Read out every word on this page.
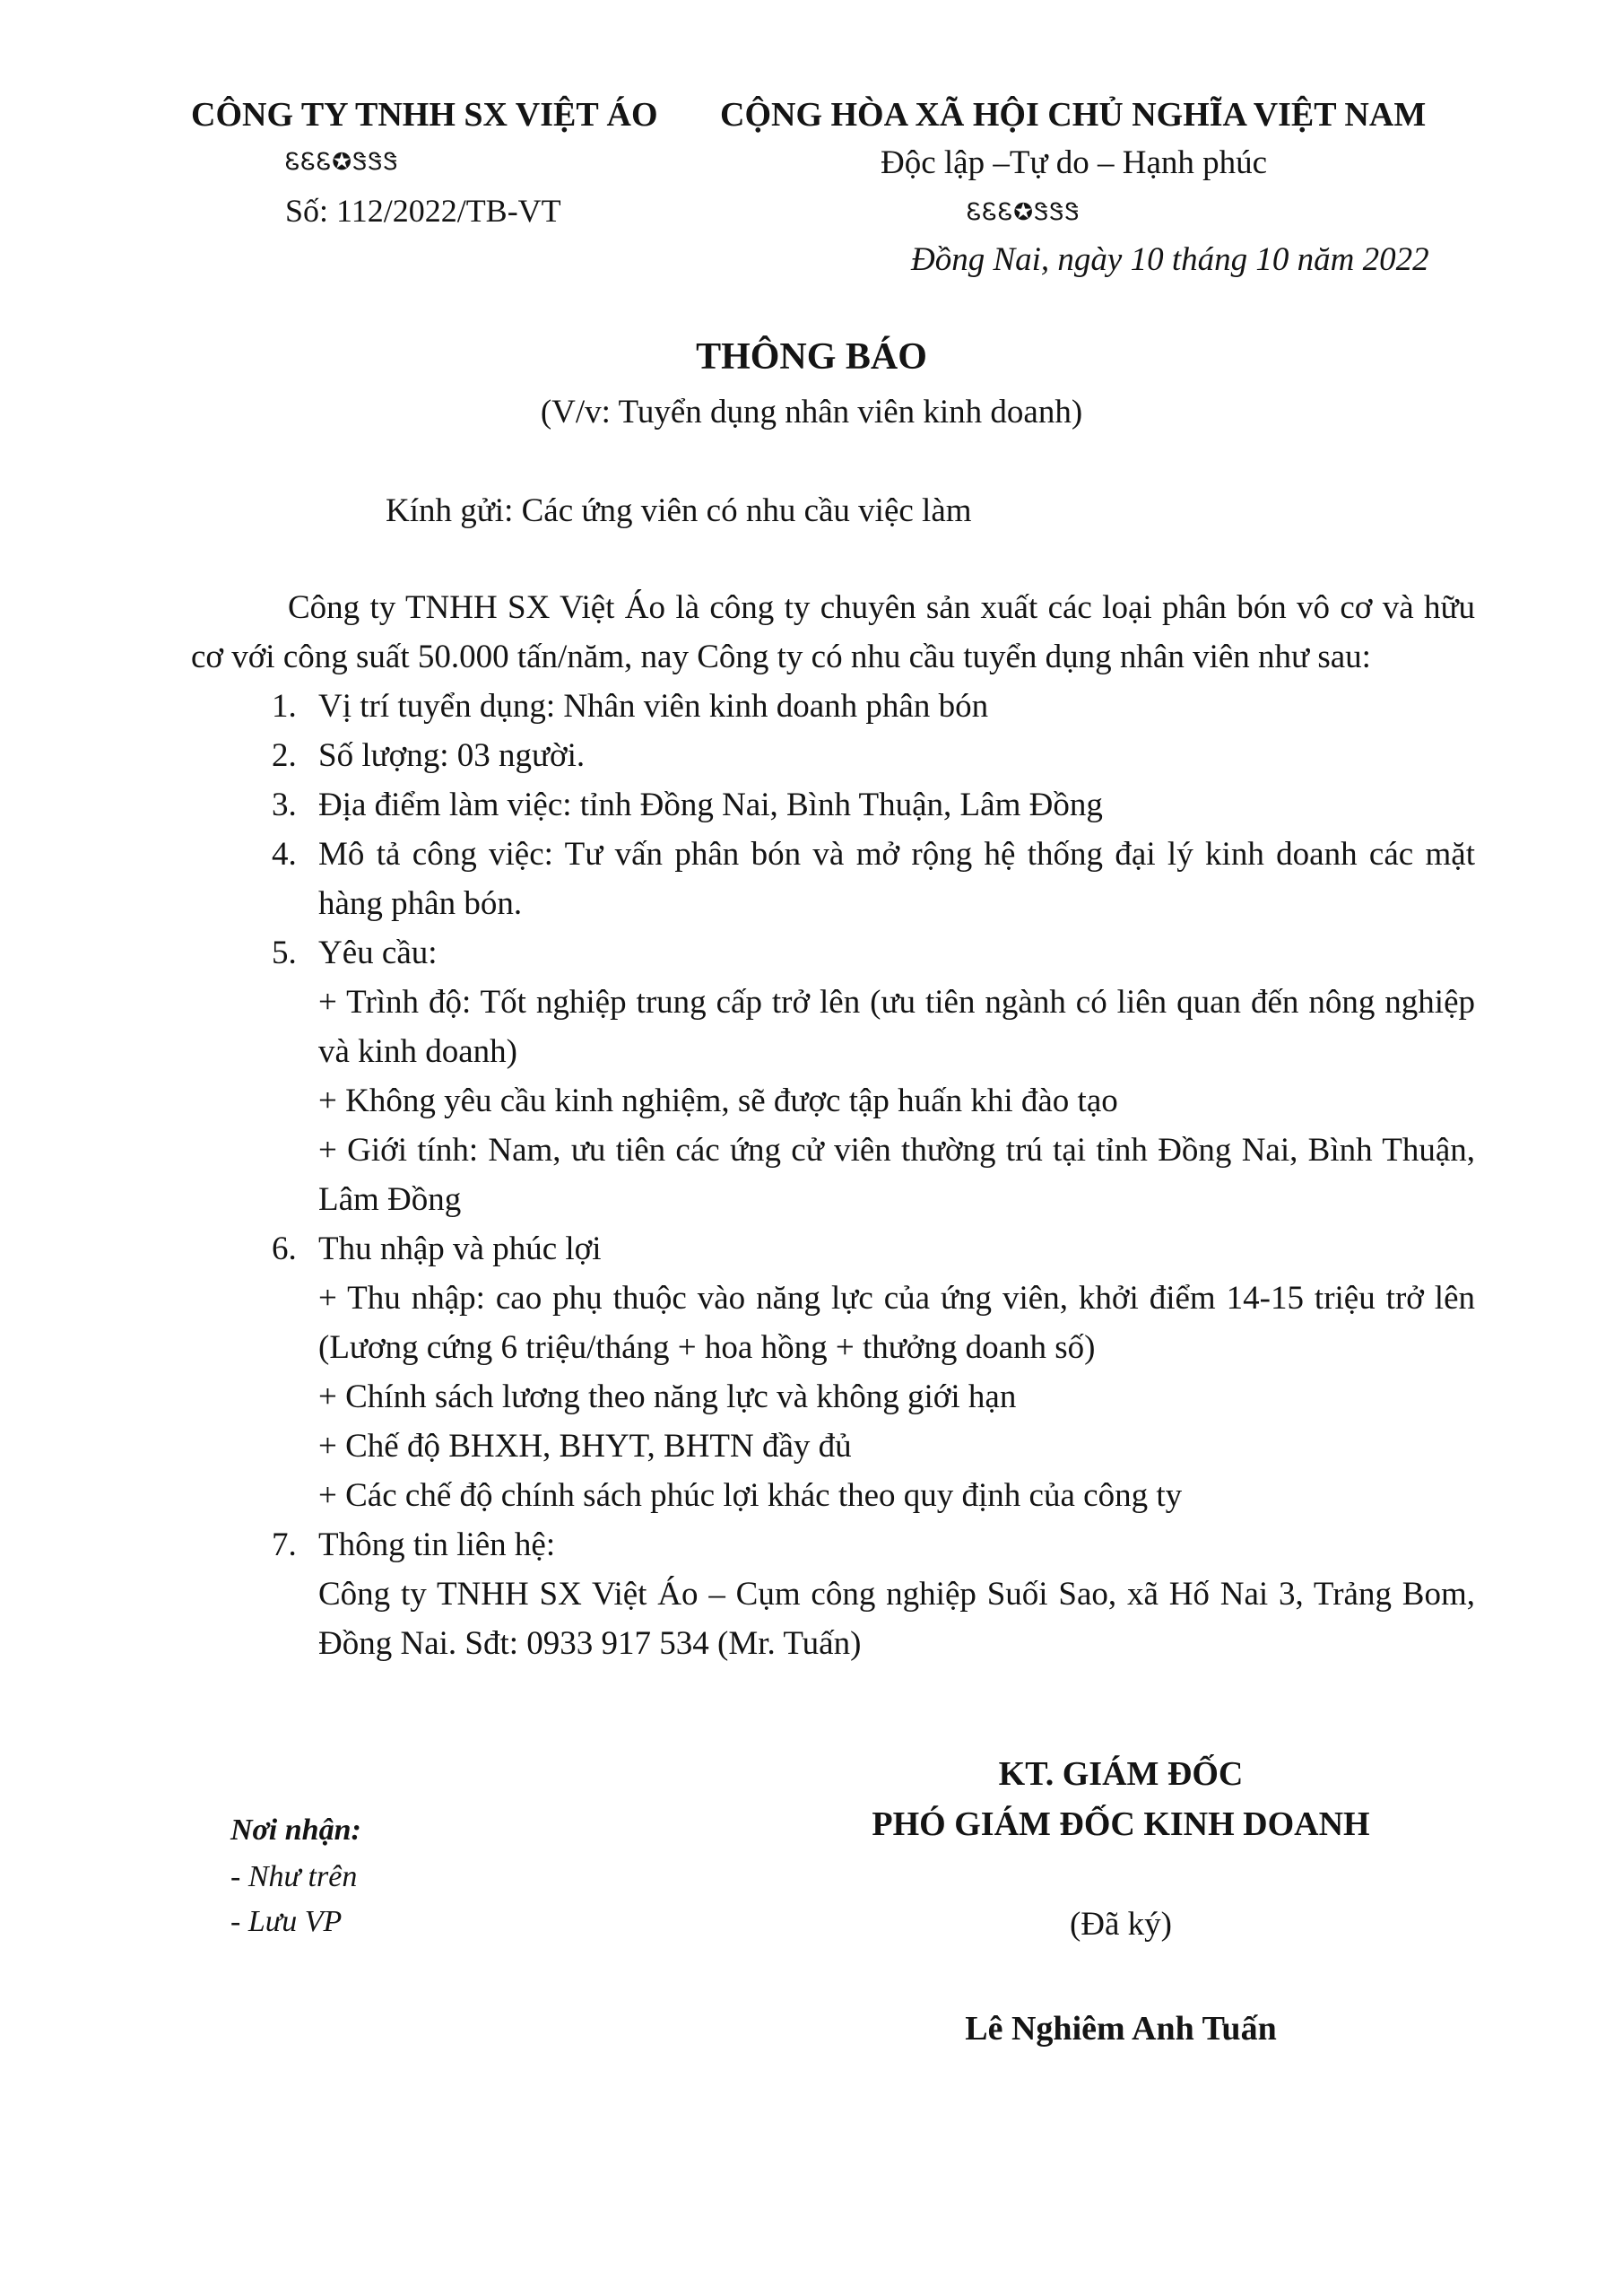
CÔNG TY TNHH SX VIỆT ÁO
ᏋᏋᏋ✪ᏕᏕᏕ
Số: 112/2022/TB-VT
CỘNG HÒA XÃ HỘI CHỦ NGHĨA VIỆT NAM
Độc lập –Tự do – Hạnh phúc
ᏋᏋᏋ✪ᏕᏕᏕ
Đồng Nai, ngày 10 tháng 10 năm 2022
THÔNG BÁO
(V/v: Tuyển dụng nhân viên kinh doanh)
Kính gửi: Các ứng viên có nhu cầu việc làm

Công ty TNHH SX Việt Áo là công ty chuyên sản xuất các loại phân bón vô cơ và hữu cơ với công suất 50.000 tấn/năm, nay Công ty có nhu cầu tuyển dụng nhân viên như sau:

1. Vị trí tuyển dụng: Nhân viên kinh doanh phân bón
2. Số lượng: 03 người.
3. Địa điểm làm việc: tỉnh Đồng Nai, Bình Thuận, Lâm Đồng
4. Mô tả công việc: Tư vấn phân bón và mở rộng hệ thống đại lý kinh doanh các mặt hàng phân bón.
5. Yêu cầu:

+ Trình độ: Tốt nghiệp trung cấp trở lên (ưu tiên ngành có liên quan đến nông nghiệp và kinh doanh)

+ Không yêu cầu kinh nghiệm, sẽ được tập huấn khi đào tạo

+ Giới tính: Nam, ưu tiên các ứng cử viên thường trú tại tỉnh Đồng Nai, Bình Thuận, Lâm Đồng

6. Thu nhập và phúc lợi

+ Thu nhập: cao phụ thuộc vào năng lực của ứng viên, khởi điểm 14-15 triệu trở lên (Lương cứng 6 triệu/tháng + hoa hồng + thưởng doanh số)

+ Chính sách lương theo năng lực và không giới hạn

+ Chế độ BHXH, BHYT, BHTN đầy đủ

+ Các chế độ chính sách phúc lợi khác theo quy định của công ty

7. Thông tin liên hệ:

Công ty TNHH SX Việt Áo – Cụm công nghiệp Suối Sao, xã Hố Nai 3, Trảng Bom, Đồng Nai. Sđt: 0933 917 534 (Mr. Tuấn)

Nơi nhận:
- Như trên
- Lưu VP
KT. GIÁM ĐỐC
PHÓ GIÁM ĐỐC KINH DOANH
(Đã ký)
Lê Nghiêm Anh Tuấn
